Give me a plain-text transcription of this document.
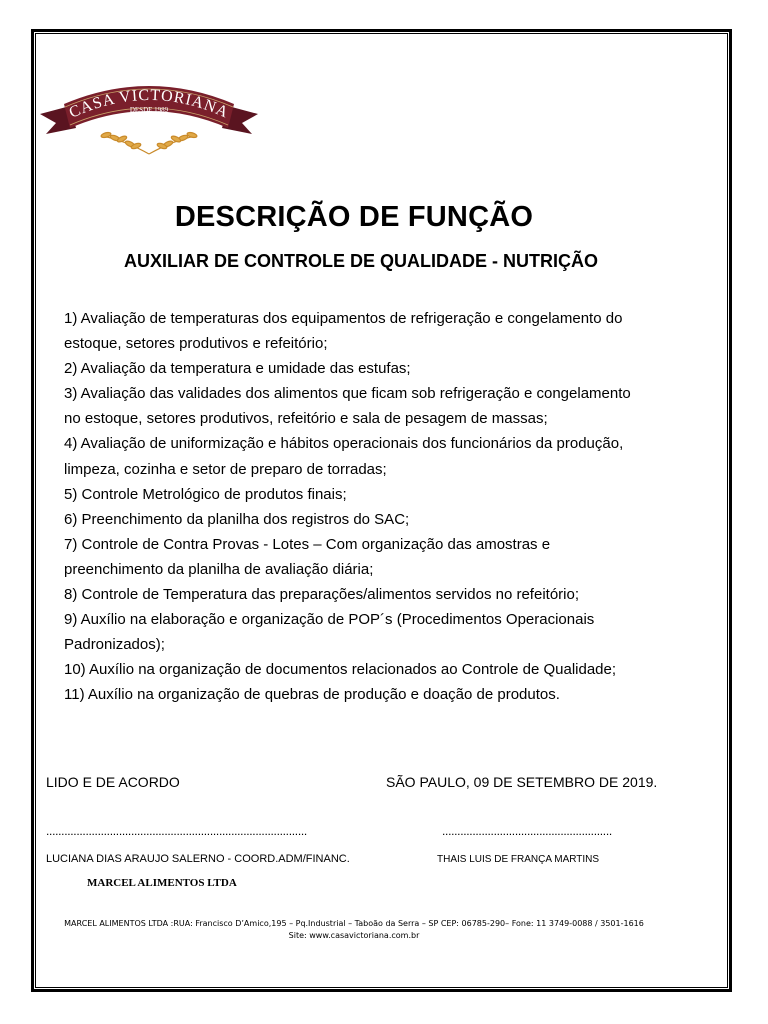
CASA VICTORIANA
DESDE 1989
DESCRIÇÃO DE FUNÇÃO
AUXILIAR DE CONTROLE DE QUALIDADE - NUTRIÇÃO
1) Avaliação de temperaturas dos equipamentos de refrigeração e congelamento do
estoque, setores produtivos e refeitório;
2) Avaliação da temperatura e umidade das estufas;
3) Avaliação das validades dos alimentos que ficam sob refrigeração e congelamento
no estoque, setores produtivos, refeitório e sala de pesagem de massas;
4) Avaliação de uniformização e hábitos operacionais dos funcionários da produção,
limpeza, cozinha e setor de preparo de torradas;
5) Controle Metrológico de produtos finais;
6) Preenchimento da planilha dos registros do SAC;
7) Controle de Contra Provas - Lotes – Com organização das amostras e
preenchimento da planilha de avaliação diária;
8) Controle de Temperatura das preparações/alimentos servidos no refeitório;
9) Auxílio na elaboração e organização de POP´s (Procedimentos Operacionais
Padronizados);
10) Auxílio na organização de documentos relacionados ao Controle de Qualidade;
11) Auxílio na organização de quebras de produção e doação de produtos.
LIDO E DE ACORDO	SÃO PAULO, 09 DE SETEMBRO DE 2019.
......................................................................................	........................................................
LUCIANA DIAS ARAUJO SALERNO - COORD.ADM/FINANC.	THAIS LUIS DE FRANÇA MARTINS
MARCEL ALIMENTOS LTDA
MARCEL ALIMENTOS LTDA :RUA: Francisco D’Amico,195 – Pq.Industrial – Taboão da Serra – SP CEP: 06785-290– Fone: 11 3749-0088 / 3501-1616
Site: www.casavictoriana.com.br
